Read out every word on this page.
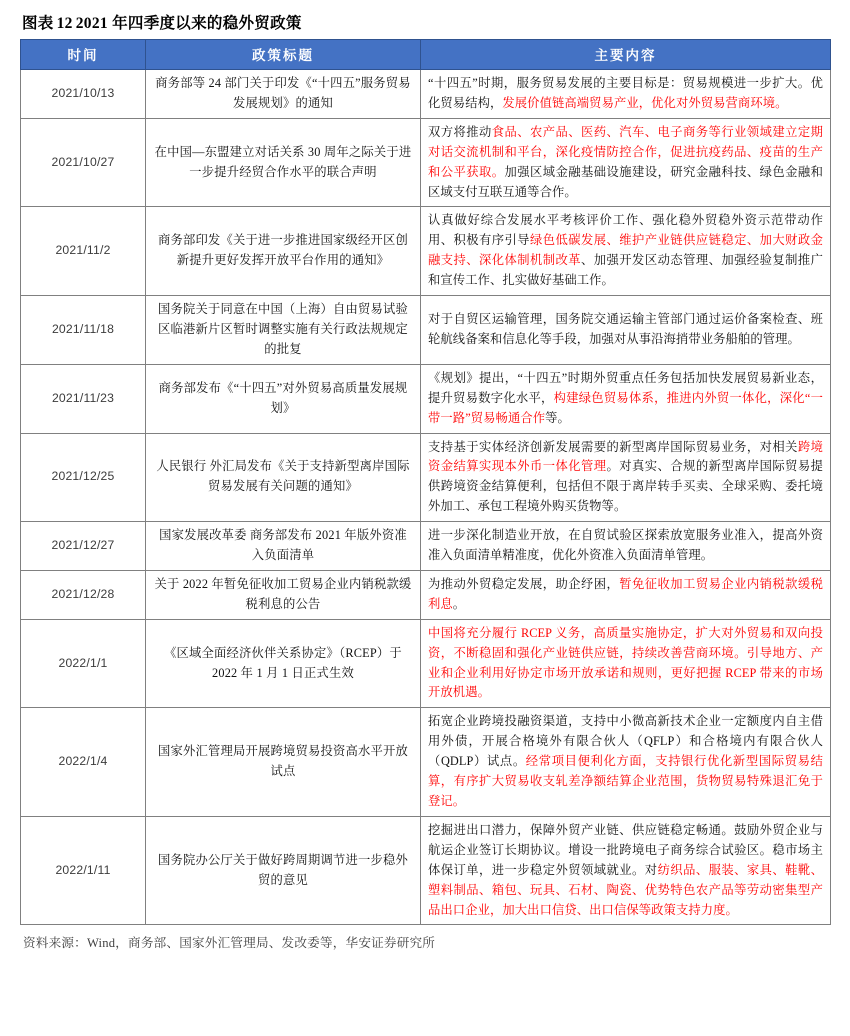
图表 12 2021 年四季度以来的稳外贸政策
时间	政策标题	主要内容
2021/10/13	商务部等 24 部门关于印发《“十四五”服务贸易发展规划》的通知	“十四五”时期，服务贸易发展的主要目标是：贸易规模进一步扩大。优化贸易结构，发展价值链高端贸易产业，优化对外贸易营商环境。
2021/10/27	在中国—东盟建立对话关系 30 周年之际关于进一步提升经贸合作水平的联合声明	双方将推动食品、农产品、医药、汽车、电子商务等行业领域建立定期对话交流机制和平台，深化疫情防控合作，促进抗疫药品、疫苗的生产和公平获取。加强区域金融基础设施建设，研究金融科技、绿色金融和区域支付互联互通等合作。
2021/11/2	商务部印发《关于进一步推进国家级经开区创新提升更好发挥开放平台作用的通知》	认真做好综合发展水平考核评价工作、强化稳外贸稳外资示范带动作用、积极有序引导绿色低碳发展、维护产业链供应链稳定、加大财政金融支持、深化体制机制改革、加强开发区动态管理、加强经验复制推广和宣传工作、扎实做好基础工作。
2021/11/18	国务院关于同意在中国（上海）自由贸易试验区临港新片区暂时调整实施有关行政法规规定的批复	对于自贸区运输管理，国务院交通运输主管部门通过运价备案检查、班轮航线备案和信息化等手段，加强对从事沿海捎带业务船舶的管理。
2021/11/23	商务部发布《“十四五”对外贸易高质量发展规划》	《规划》提出，“十四五”时期外贸重点任务包括加快发展贸易新业态，提升贸易数字化水平，构建绿色贸易体系，推进内外贸一体化，深化“一带一路”贸易畅通合作等。
2021/12/25	人民银行 外汇局发布《关于支持新型离岸国际贸易发展有关问题的通知》	支持基于实体经济创新发展需要的新型离岸国际贸易业务，对相关跨境资金结算实现本外币一体化管理。对真实、合规的新型离岸国际贸易提供跨境资金结算便利，包括但不限于离岸转手买卖、全球采购、委托境外加工、承包工程境外购买货物等。
2021/12/27	国家发展改革委 商务部发布 2021 年版外资准入负面清单	进一步深化制造业开放，在自贸试验区探索放宽服务业准入，提高外资准入负面清单精准度，优化外资准入负面清单管理。
2021/12/28	关于 2022 年暂免征收加工贸易企业内销税款缓税利息的公告	为推动外贸稳定发展，助企纾困，暂免征收加工贸易企业内销税款缓税利息。
2022/1/1	《区域全面经济伙伴关系协定》（RCEP）于 2022 年 1 月 1 日正式生效	中国将充分履行 RCEP 义务，高质量实施协定，扩大对外贸易和双向投资，不断稳固和强化产业链供应链，持续改善营商环境。引导地方、产业和企业利用好协定市场开放承诺和规则，更好把握 RCEP 带来的市场开放机遇。
2022/1/4	国家外汇管理局开展跨境贸易投资高水平开放试点	拓宽企业跨境投融资渠道，支持中小微高新技术企业一定额度内自主借用外债，开展合格境外有限合伙人（QFLP）和合格境内有限合伙人（QDLP）试点。经常项目便利化方面，支持银行优化新型国际贸易结算，有序扩大贸易收支轧差净额结算企业范围，货物贸易特殊退汇免于登记。
2022/1/11	国务院办公厅关于做好跨周期调节进一步稳外贸的意见	挖掘进出口潜力，保障外贸产业链、供应链稳定畅通。鼓励外贸企业与航运企业签订长期协议。增设一批跨境电子商务综合试验区。稳市场主体保订单，进一步稳定外贸领域就业。对纺织品、服装、家具、鞋靴、塑料制品、箱包、玩具、石材、陶瓷、优势特色农产品等劳动密集型产品出口企业，加大出口信贷、出口信保等政策支持力度。
资料来源：Wind，商务部、国家外汇管理局、发改委等，华安证券研究所
